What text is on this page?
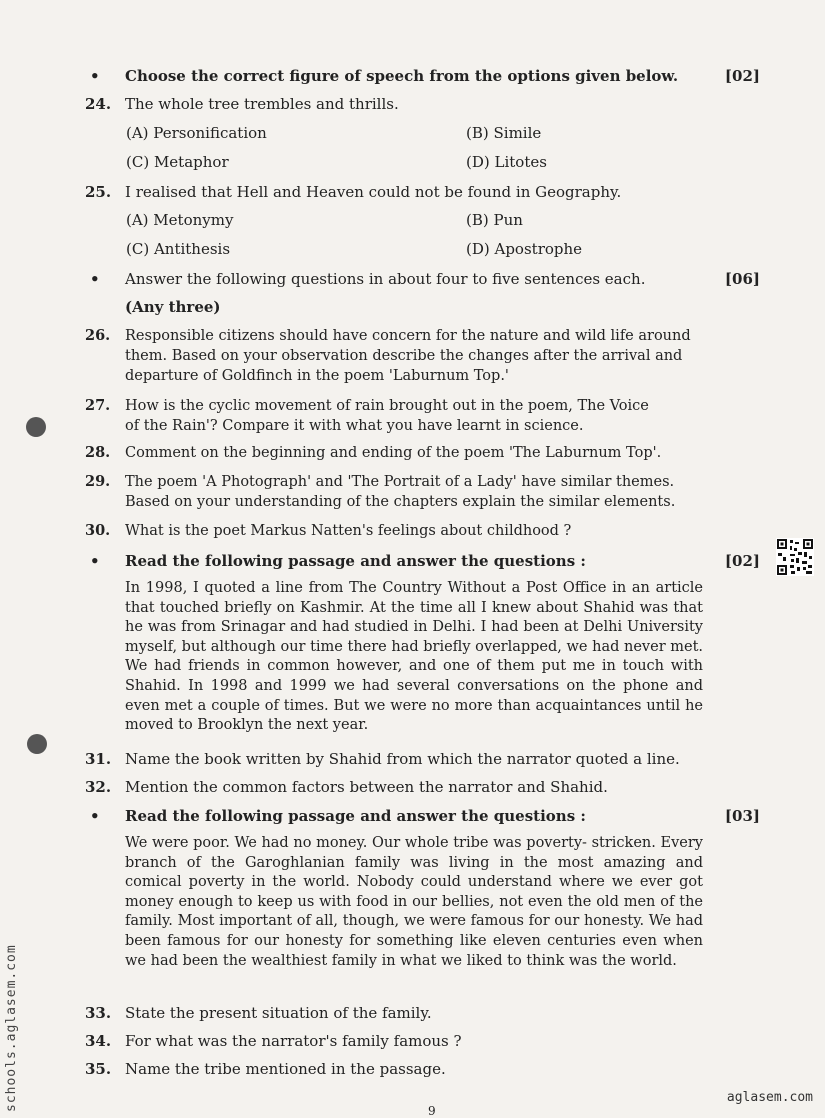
• Choose the correct figure of speech from the options given below.	[02]
24. The whole tree trembles and thrills.
(A) Personification	(B) Simile
(C) Metaphor	(D) Litotes
25. I realised that Hell and Heaven could not be found in Geography.
(A) Metonymy	(B) Pun
(C) Antithesis	(D) Apostrophe
• Answer the following questions in about four to five sentences each.	[06]
(Any three)
26. Responsible citizens should have concern for the nature and wild life around
them. Based on your observation describe the changes after the arrival and
departure of Goldfinch in the poem 'Laburnum Top.'
27. How is the cyclic movement of rain brought out in the poem, The Voice
of the Rain'? Compare it with what you have learnt in science.
28. Comment on the beginning and ending of the poem 'The Laburnum Top'.
29. The poem 'A Photograph' and 'The Portrait of a Lady' have similar themes.
Based on your understanding of the chapters explain the similar elements.
30. What is the poet Markus Natten's feelings about childhood ?
• Read the following passage and answer the questions :	[02]
In 1998, I quoted a line from The Country Without a Post Office in an article that touched briefly on Kashmir. At the time all I knew about Shahid was that he was from Srinagar and had studied in Delhi. I had been at Delhi University myself, but although our time there had briefly overlapped, we had never met. We had friends in common however, and one of them put me in touch with Shahid. In 1998 and 1999 we had several conversations on the phone and even met a couple of times. But we were no more than acquaintances until he moved to Brooklyn the next year.
31. Name the book written by Shahid from which the narrator quoted a line.
32. Mention the common factors between the narrator and Shahid.
• Read the following passage and answer the questions :	[03]
We were poor. We had no money. Our whole tribe was poverty- stricken. Every branch of the Garoghlanian family was living in the most amazing and comical poverty in the world. Nobody could understand where we ever got money enough to keep us with food in our bellies, not even the old men of the family. Most important of all, though, we were famous for our honesty. We had been famous for our honesty for something like eleven centuries even when we had been the wealthiest family in what we liked to think was the world.
33. State the present situation of the family.
34. For what was the narrator's family famous ?
35. Name the tribe mentioned in the passage.
schools.aglasem.com	aglasem.com
9
